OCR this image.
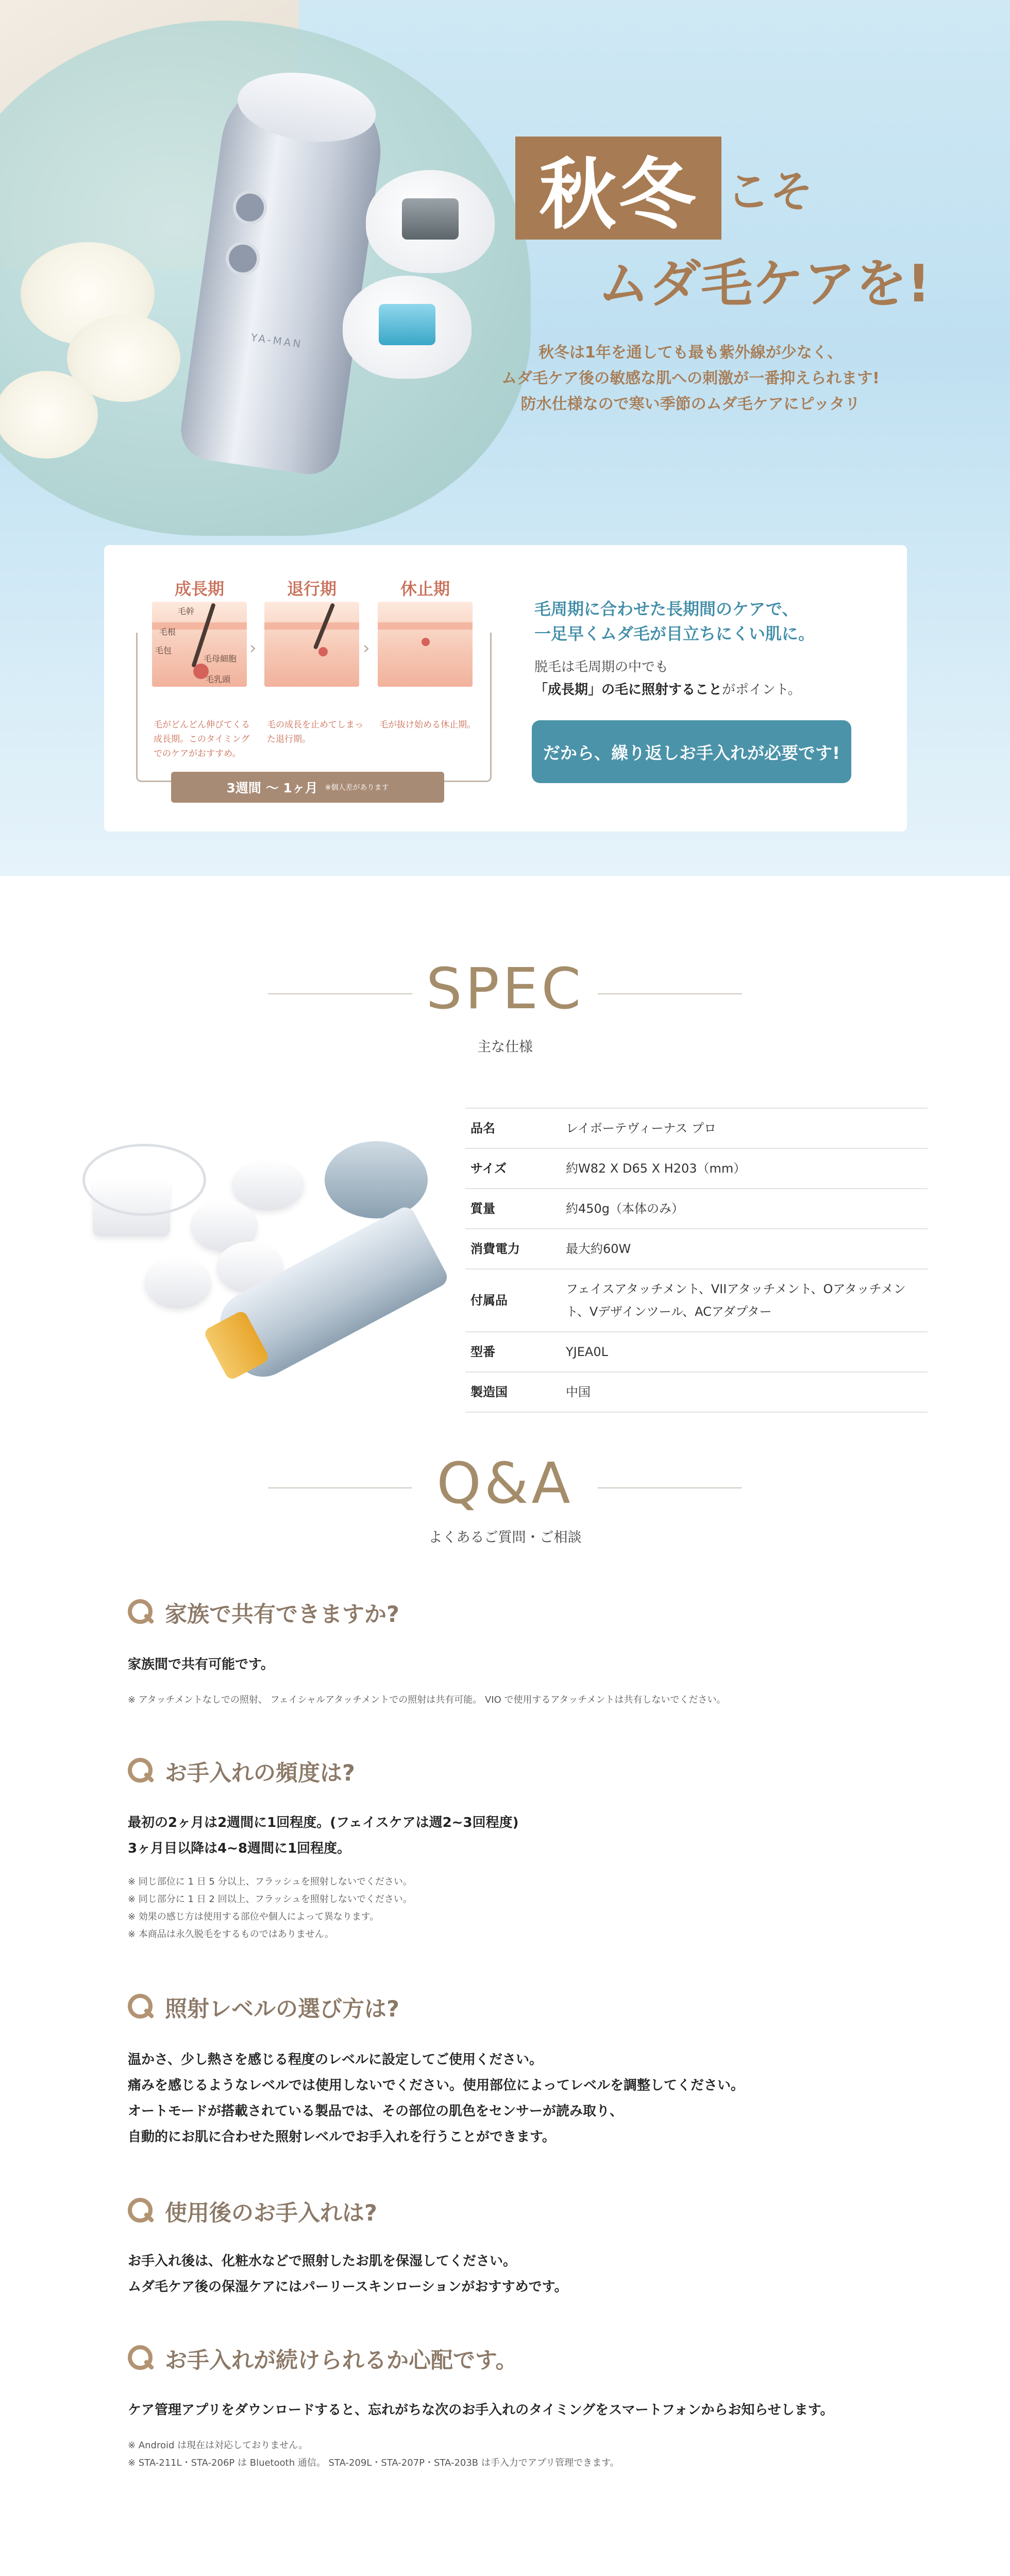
YA-MAN
秋冬 こそ
ムダ毛ケアを!
秋冬は1年を通しても最も紫外線が少なく、
ムダ毛ケア後の敏感な肌への刺激が一番抑えられます!
防水仕様なので寒い季節のムダ毛ケアにピッタリ
成長期
毛幹
毛根
毛包
毛母細胞
毛乳頭
毛がどんどん伸びてくる成長期。このタイミングでのケアがおすすめ。
›
退行期
毛の成長を止めてしまった退行期。
›
休止期
毛が抜け始める休止期。
3週間 〜 1ヶ月 ※個人差があります
毛周期に合わせた長期間のケアで、
一足早くムダ毛が目立ちにくい肌に。
脱毛は毛周期の中でも
「成長期」の毛に照射することがポイント。
だから、繰り返しお手入れが必要です!
SPEC
主な仕様
品名	レイボーテヴィーナス プロ
サイズ	約W82 X D65 X H203（mm）
質量	約450g（本体のみ）
消費電力	最大約60W
付属品	フェイスアタッチメント、VIIアタッチメント、Oアタッチメント、Vデザインツール、ACアダプター
型番	YJEA0L
製造国	中国
Q&A
よくあるご質問・ご相談
家族で共有できますか?
家族間で共有可能です。
※ アタッチメントなしでの照射、 フェイシャルアタッチメントでの照射は共有可能。 VIO で使用するアタッチメントは共有しないでください。
お手入れの頻度は?
最初の2ヶ月は2週間に1回程度。(フェイスケアは週2~3回程度)
3ヶ月目以降は4~8週間に1回程度。
※ 同じ部位に 1 日 5 分以上、フラッシュを照射しないでください。
※ 同じ部分に 1 日 2 回以上、フラッシュを照射しないでください。
※ 効果の感じ方は使用する部位や個人によって異なります。
※ 本商品は永久脱毛をするものではありません。
照射レベルの選び方は?
温かさ、少し熱さを感じる程度のレベルに設定してご使用ください。
痛みを感じるようなレベルでは使用しないでください。使用部位によってレベルを調整してください。
オートモードが搭載されている製品では、その部位の肌色をセンサーが読み取り、
自動的にお肌に合わせた照射レベルでお手入れを行うことができます。
使用後のお手入れは?
お手入れ後は、化粧水などで照射したお肌を保湿してください。
ムダ毛ケア後の保湿ケアにはパーリースキンローションがおすすめです。
お手入れが続けられるか心配です。
ケア管理アプリをダウンロードすると、忘れがちな次のお手入れのタイミングをスマートフォンからお知らせします。
※ Android は現在は対応しておりません。
※ STA-211L・STA-206P は Bluetooth 通信。 STA-209L・STA-207P・STA-203B は手入力でアプリ管理できます。
